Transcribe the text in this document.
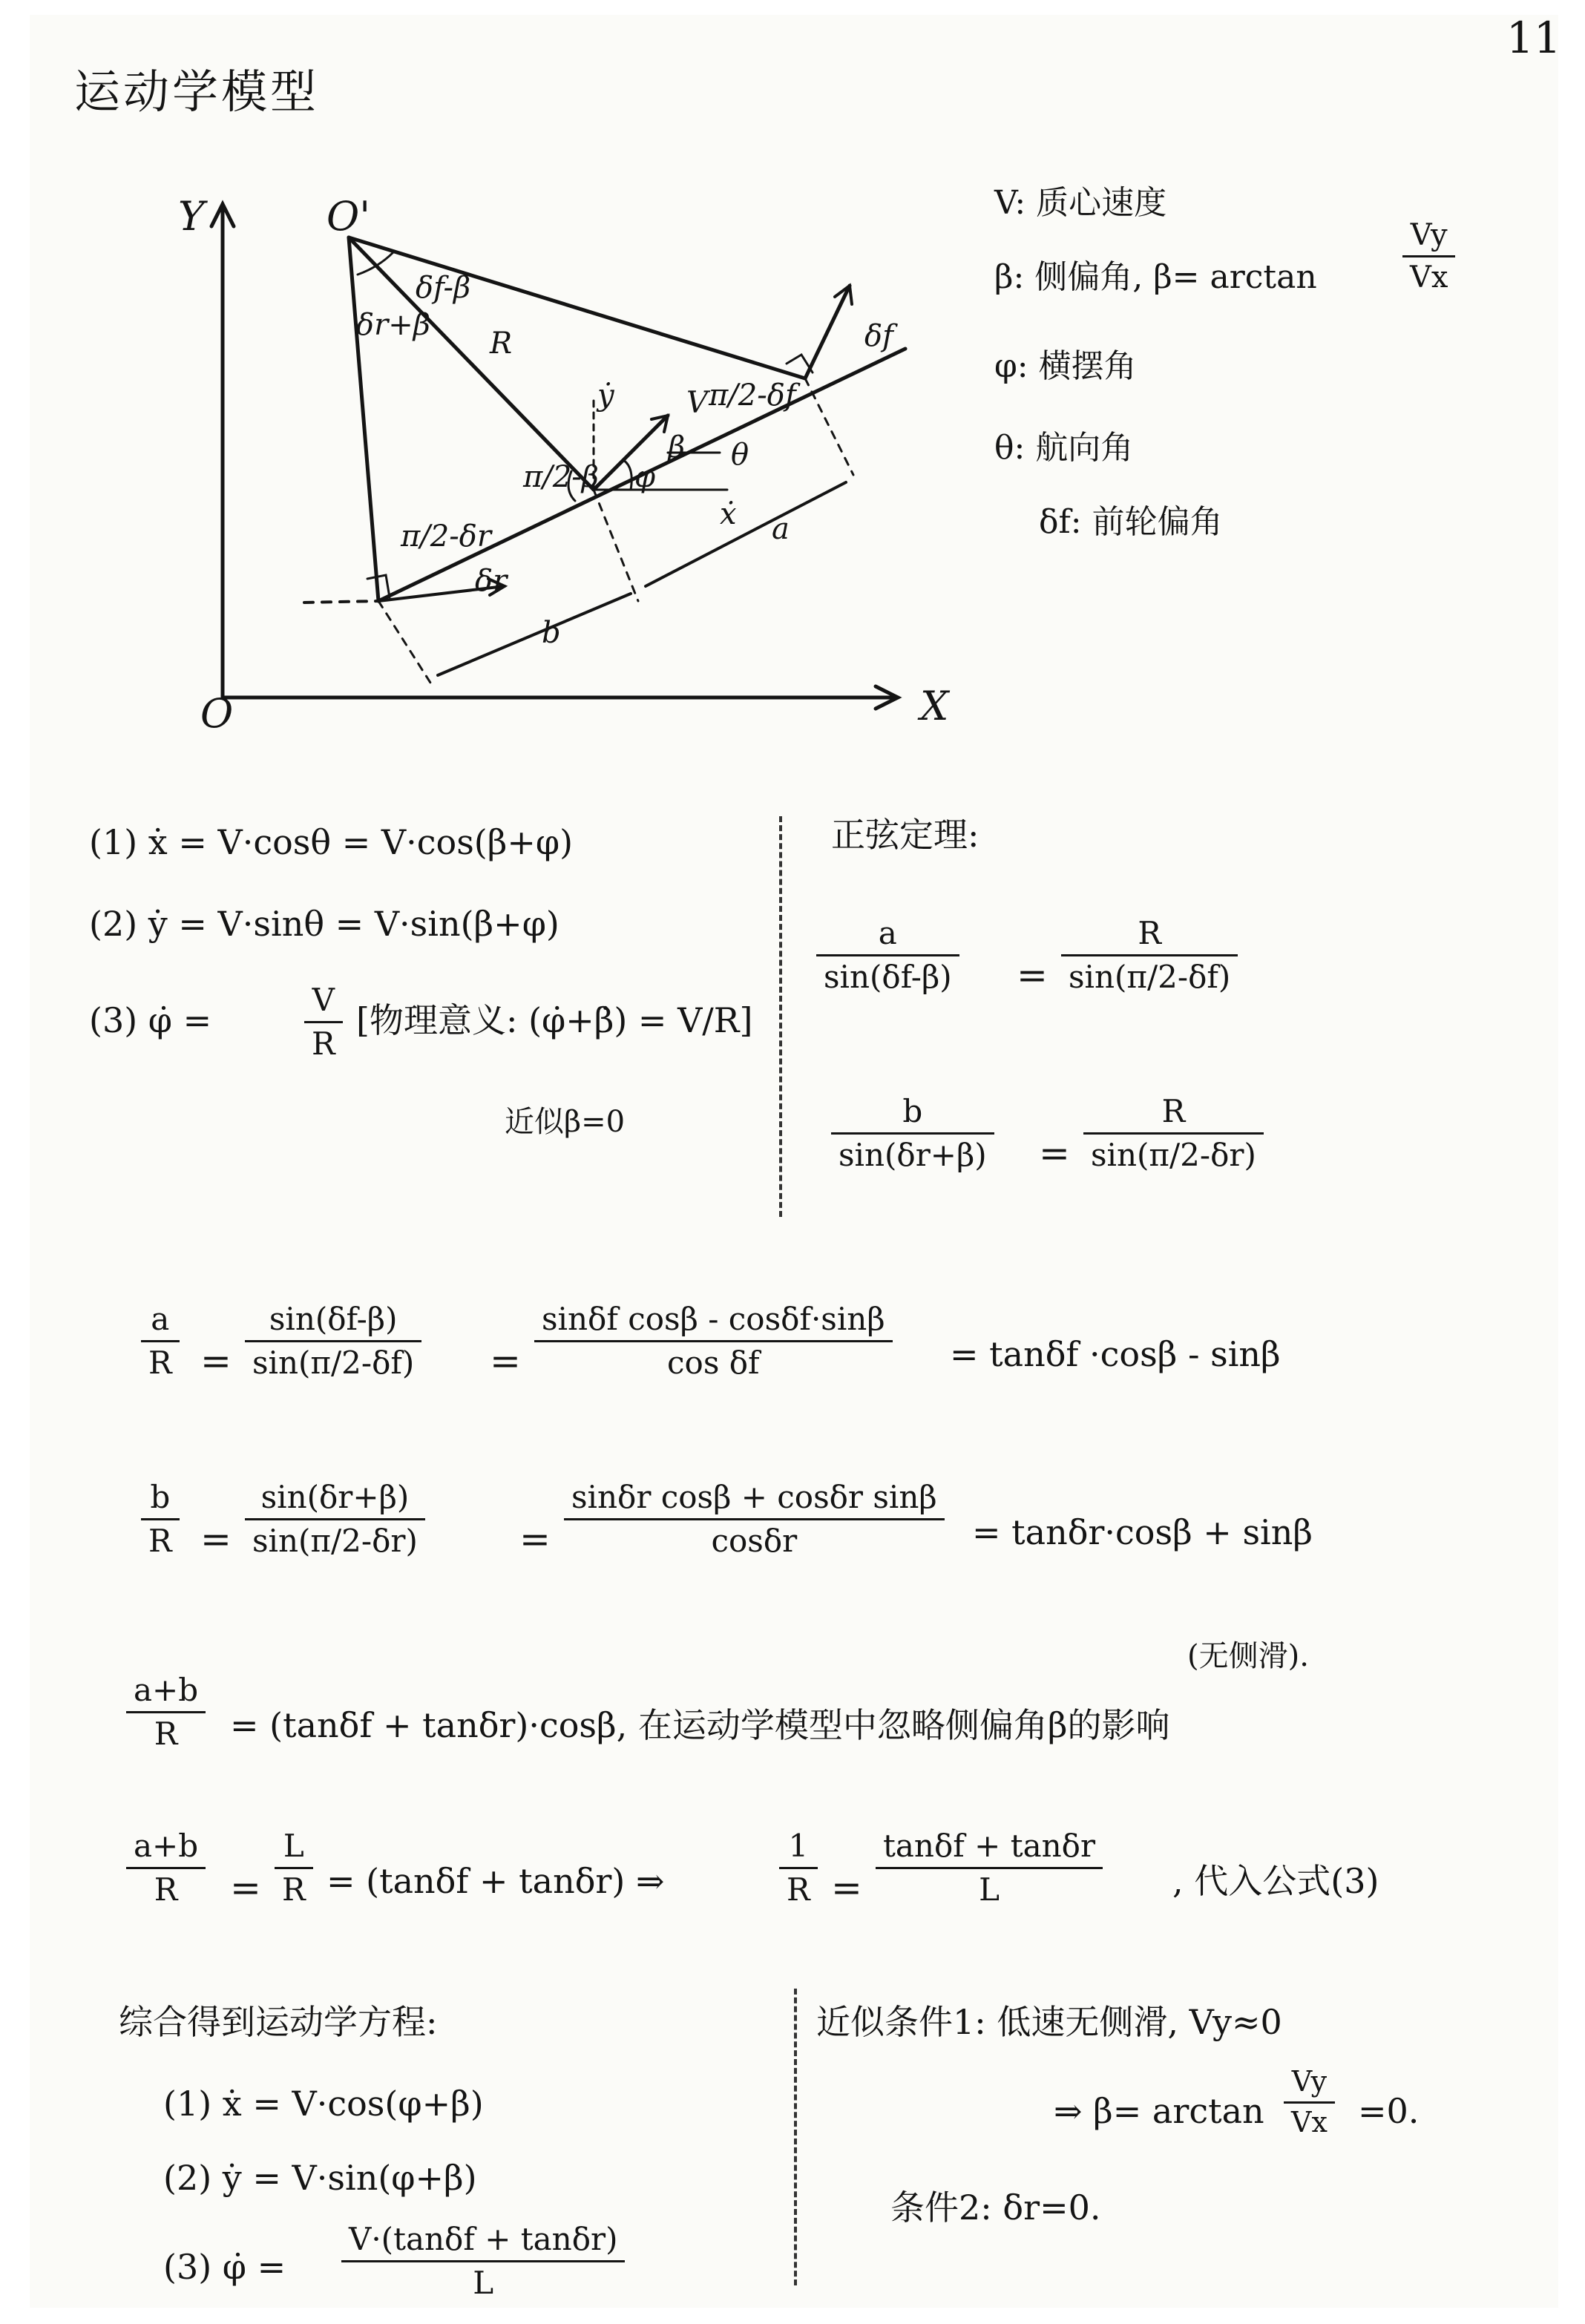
运动学模型
11
Y
X
O
O'
R
a
b
V
θ
ẋ
ẏ
φ
β
δr
δf
δf-β
δr+β
π/2-β
π/2-δr
π/2-δf
V: 质心速度
β: 侧偏角, β= arctan
Vy
Vx
φ: 横摆角
θ: 航向角
δf: 前轮偏角
(1) ẋ = V·cosθ = V·cos(β+φ)
(2) ẏ = V·sinθ = V·sin(β+φ)
(3) φ̇ =
V
R
[物理意义: (φ̇+β̇) = V/R]
近似β=0
正弦定理:
a
sin(δf-β) =
R
sin(π/2-δf)
b
sin(δr+β) =
R
sin(π/2-δr)
a
R =
sin(δf-β)
sin(π/2-δf) =
sinδf cosβ - cosδf·sinβ
cos δf	= tanδf ·cosβ - sinβ
b
R =
sin(δr+β)
sin(π/2-δr)	=
sinδr cosβ + cosδr sinβ
cosδr	= tanδr·cosβ + sinβ
(无侧滑).
a+b
R = (tanδf + tanδr)·cosβ, 在运动学模型中忽略侧偏角β的影响
a+b
R =
L
R = (tanδf + tanδr) ⇒
1
R =
tanδf + tanδr
L	, 代入公式(3)
综合得到运动学方程:
(1) ẋ = V·cos(φ+β)
(2) ẏ = V·sin(φ+β)
(3) φ̇ =
V·(tanδf + tanδr)
L
近似条件1: 低速无侧滑, Vy≈0
⇒ β= arctan
Vy
Vx =0.
条件2: δr=0.
